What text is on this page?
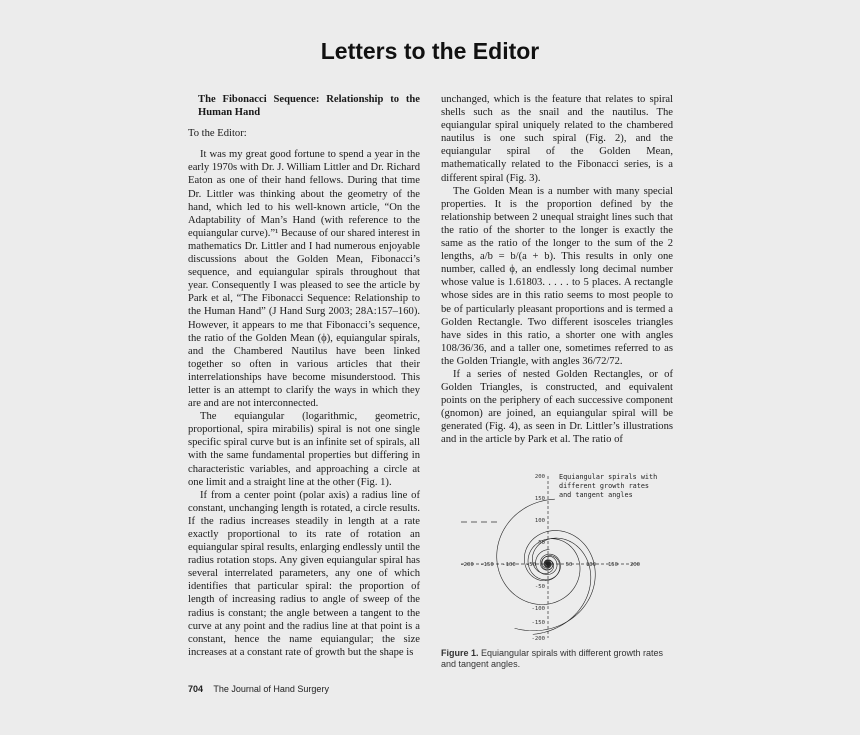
Letters to the Editor

The Fibonacci Sequence: Relationship to the Human Hand

To the Editor:

It was my great good fortune to spend a year in the early 1970s with Dr. J. William Littler and Dr. Richard Eaton as one of their hand fellows. During that time Dr. Littler was thinking about the geometry of the hand, which led to his well-known article, “On the Adaptability of Man’s Hand (with reference to the equiangular curve).”¹ Because of our shared interest in mathematics Dr. Littler and I had numerous enjoyable discussions about the Golden Mean, Fibonacci’s sequence, and equiangular spirals throughout that year. Consequently I was pleased to see the article by Park et al, “The Fibonacci Sequence: Relationship to the Human Hand” (J Hand Surg 2003; 28A:157–160). However, it appears to me that Fibonacci’s sequence, the ratio of the Golden Mean (ϕ), equiangular spirals, and the Chambered Nautilus have been linked together so often in various articles that their interrelationships have become misunderstood. This letter is an attempt to clarify the ways in which they are and are not interconnected.

The equiangular (logarithmic, geometric, proportional, spira mirabilis) spiral is not one single specific spiral curve but is an infinite set of spirals, all with the same fundamental properties but differing in characteristic variables, and approaching a circle at one limit and a straight line at the other (Fig. 1).

If from a center point (polar axis) a radius line of constant, unchanging length is rotated, a circle results. If the radius increases steadily in length at a rate exactly proportional to its rate of rotation an equiangular spiral results, enlarging endlessly until the radius rotation stops. Any given equiangular spiral has several interrelated parameters, any one of which identifies that particular spiral: the proportion of length of increasing radius to angle of sweep of the radius is constant; the angle between a tangent to the curve at any point and the radius line at that point is a constant, hence the name equiangular; the size increases at a constant rate of growth but the shape is

unchanged, which is the feature that relates to spiral shells such as the snail and the nautilus. The equiangular spiral uniquely related to the chambered nautilus is one such spiral (Fig. 2), and the equiangular spiral of the Golden Mean, mathematically related to the Fibonacci series, is a different spiral (Fig. 3).

The Golden Mean is a number with many special properties. It is the proportion defined by the relationship between 2 unequal straight lines such that the ratio of the shorter to the longer is exactly the same as the ratio of the longer to the sum of the 2 lengths, a/b = b/(a + b). This results in only one number, called ϕ, an endlessly long decimal number whose value is 1.61803. . . . . to 5 places. A rectangle whose sides are in this ratio seems to most people to be of particularly pleasant proportions and is termed a Golden Rectangle. Two different isosceles triangles have sides in this ratio, a shorter one with angles 108/36/36, and a taller one, sometimes referred to as the Golden Triangle, with angles 36/72/72.

If a series of nested Golden Rectangles, or of Golden Triangles, is constructed, and equivalent points on the periphery of each successive component (gnomon) are joined, an equiangular spiral will be generated (Fig. 4), as seen in Dr. Littler’s illustrations and in the article by Park et al. The ratio of

Equiangular spirals with
different growth rates
and tangent angles
200
150
100
50
-50
-100
-150
-200
-200 -150 -100 -50	50 100 150 200
Figure 1. Equiangular spirals with different growth rates and tangent angles.
704 The Journal of Hand Surgery
